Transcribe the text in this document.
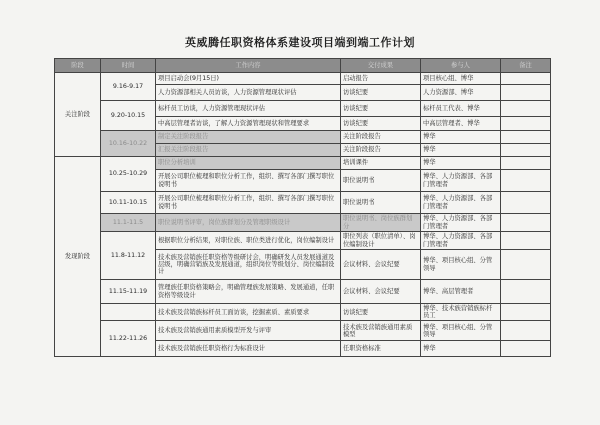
英威腾任职资格体系建设项目端到端工作计划
阶段	时间	工作内容	交付成果	参与人	备注
关注阶段	9.16-9.17	项目启动会(9月15日)	启动报告	项目核心组、博华	
		人力资源部相关人员访谈，人力资源管理现状评估	访谈纪要	人力资源部、博华	
	9.20-10.15	标杆员工访谈，人力资源管理现状评估	访谈纪要	标杆员工代表、博华	
		中高层管理者访谈，了解人力资源管理现状和管理要求	访谈纪要	中高层管理者、博华	
	10.16-10.22	制定关注阶段报告	关注阶段报告	博华	
		汇报关注阶段报告	关注阶段报告	博华	
发现阶段	10.25-10.29	职位分析培训	培训课件	博华	
		开展公司职位梳理和职位分析工作，组织、撰写各部门撰写职位说明书	职位说明书	博华、人力资源部、各部门管理者	
	10.11-10.15	开展公司职位梳理和职位分析工作，组织、撰写各部门撰写职位说明书	职位说明书	博华、人力资源部、各部门管理者	
	11.1-11.5	职位说明书评审，岗位族群划分及管理职级设计	职位说明书、岗位族群划分	博华、人力资源部、各部门管理者	
	11.8-11.12	根据职位分析结果，对职位族、职位类进行优化，岗位编制设计	职位列表（职位清单）、岗位编制设计	博华、人力资源部、各部门管理者	
		技术族及营销族任职资格等级研讨会，明确研发人员发展通道及层级，明确营销族及发展通道，组织岗位等级划分、岗位编制设计	会议材料、会议纪要	博华、项目核心组、分管领导	
	11.15-11.19	管理族任职资格策略会，明确管理族发展策略、发展通道，任职资格等级设计	会议材料、会议纪要	博华、高层管理者	
		技术族及营销族标杆员工面访谈，挖掘素质、素质要求	访谈纪要	博华、技术族营销族标杆员工	
	11.22-11.26	技术族及营销族通用素质模型开发与评审	技术族及营销族通用素质模型	博华、项目核心组、分管领导	
		技术族及营销族任职资格行为标准设计	任职资格标准	博华	
